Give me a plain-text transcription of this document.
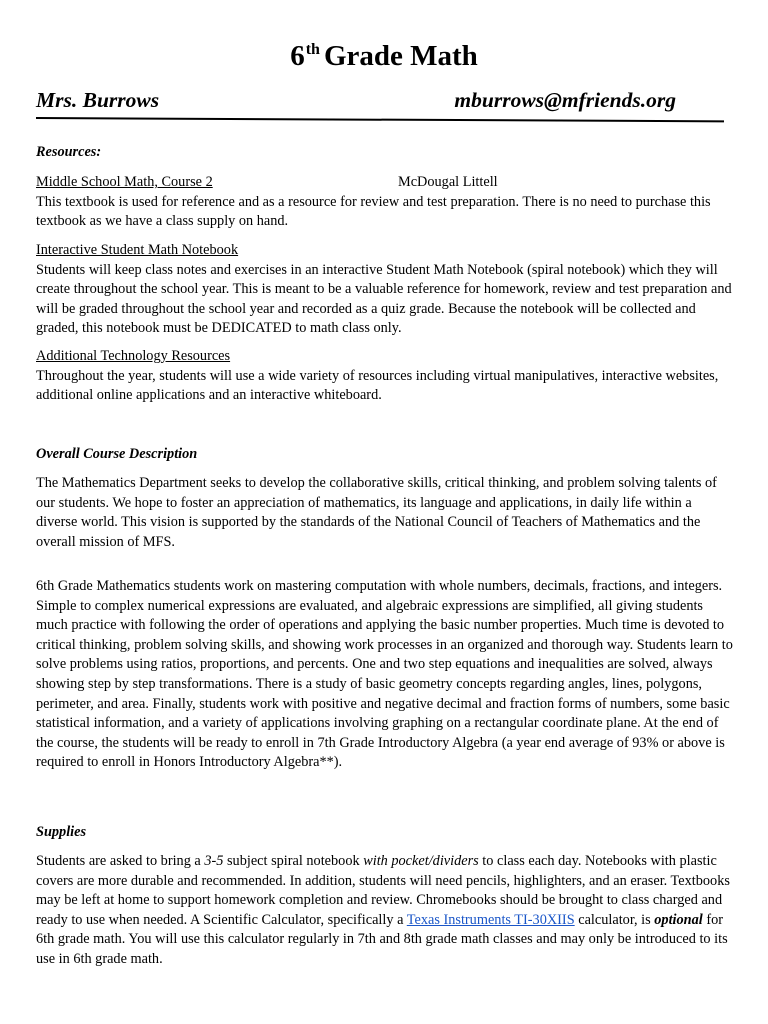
6th Grade Math
Mrs. Burrows	mburrows@mfriends.org

Resources:

Middle School Math, Course 2	McDougal Littell

This textbook is used for reference and as a resource for review and test preparation. There is no need to purchase this textbook as we have a class supply on hand.

Interactive Student Math Notebook

Students will keep class notes and exercises in an interactive Student Math Notebook (spiral notebook) which they will create throughout the school year. This is meant to be a valuable reference for homework, review and test preparation and will be graded throughout the school year and recorded as a quiz grade. Because the notebook will be collected and graded, this notebook must be DEDICATED to math class only.

Additional Technology Resources

Throughout the year, students will use a wide variety of resources including virtual manipulatives, interactive websites, additional online applications and an interactive whiteboard.

Overall Course Description

The Mathematics Department seeks to develop the collaborative skills, critical thinking, and problem solving talents of our students. We hope to foster an appreciation of mathematics, its language and applications, in daily life within a diverse world. This vision is supported by the standards of the National Council of Teachers of Mathematics and the overall mission of MFS.

6th Grade Mathematics students work on mastering computation with whole numbers, decimals, fractions, and integers. Simple to complex numerical expressions are evaluated, and algebraic expressions are simplified, all giving students much practice with following the order of operations and applying the basic number properties. Much time is devoted to critical thinking, problem solving skills, and showing work processes in an organized and thorough way. Students learn to solve problems using ratios, proportions, and percents. One and two step equations and inequalities are solved, always showing step by step transformations. There is a study of basic geometry concepts regarding angles, lines, polygons, perimeter, and area. Finally, students work with positive and negative decimal and fraction forms of numbers, some basic statistical information, and a variety of applications involving graphing on a rectangular coordinate plane. At the end of the course, the students will be ready to enroll in 7th Grade Introductory Algebra (a year end average of 93% or above is required to enroll in Honors Introductory Algebra**).

Supplies

Students are asked to bring a 3-5 subject spiral notebook with pocket/dividers to class each day. Notebooks with plastic covers are more durable and recommended. In addition, students will need pencils, highlighters, and an eraser. Textbooks may be left at home to support homework completion and review. Chromebooks should be brought to class charged and ready to use when needed. A Scientific Calculator, specifically a Texas Instruments TI-30XIIS calculator, is optional for 6th grade math. You will use this calculator regularly in 7th and 8th grade math classes and may only be introduced to its use in 6th grade math.
